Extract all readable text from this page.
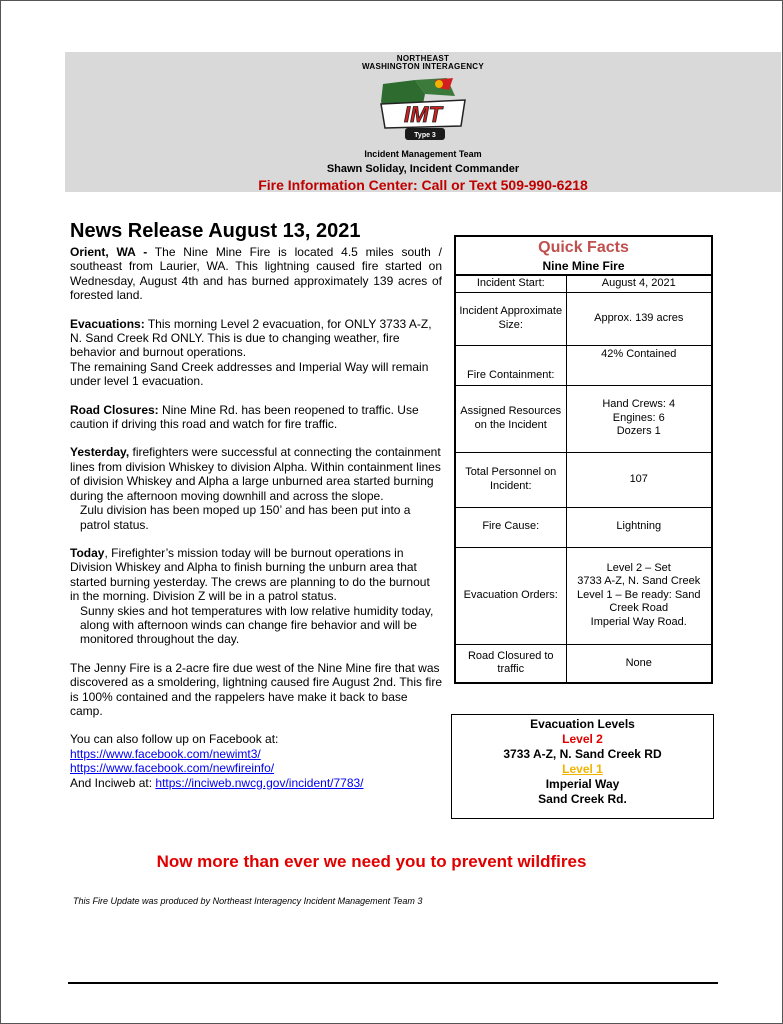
NORTHEAST
WASHINGTON INTERAGENCY
IMT
Type 3
Incident Management Team
Shawn Soliday, Incident Commander
Fire Information Center: Call or Text 509-990-6218
News Release August 13, 2021

Orient, WA - The Nine Mine Fire is located 4.5 miles south / southeast from Laurier, WA. This lightning caused fire started on Wednesday, August 4th and has burned approximately 139 acres of forested land.

Evacuations: This morning Level 2 evacuation, for ONLY 3733 A-Z, N. Sand Creek Rd ONLY. This is due to changing weather, fire behavior and burnout operations.

The remaining Sand Creek addresses and Imperial Way will remain under level 1 evacuation.

Road Closures: Nine Mine Rd. has been reopened to traffic. Use caution if driving this road and watch for fire traffic.

Yesterday, firefighters were successful at connecting the containment lines from division Whiskey to division Alpha. Within containment lines of division Whiskey and Alpha a large unburned area started burning during the afternoon moving downhill and across the slope.

Zulu division has been moped up 150’ and has been put into a patrol status.

Today, Firefighter’s mission today will be burnout operations in Division Whiskey and Alpha to finish burning the unburn area that started burning yesterday. The crews are planning to do the burnout in the morning. Division Z will be in a patrol status.

Sunny skies and hot temperatures with low relative humidity today, along with afternoon winds can change fire behavior and will be monitored throughout the day.

The Jenny Fire is a 2-acre fire due west of the Nine Mine fire that was discovered as a smoldering, lightning caused fire August 2nd. This fire is 100% contained and the rappelers have make it back to base camp.

You can also follow up on Facebook at:

https://www.facebook.com/newimt3/

https://www.facebook.com/newfireinfo/

And Inciweb at: https://inciweb.nwcg.gov/incident/7783/

Quick Facts
Nine Mine Fire
Incident Start:	August 4, 2021
Incident Approximate Size:	Approx. 139 acres
Fire Containment:	42% Contained
Assigned Resources on the Incident	Hand Crews: 4
Engines: 6
Dozers 1
Total Personnel on Incident:	107
Fire Cause:	Lightning
Evacuation Orders:	Level 2 – Set
3733 A-Z, N. Sand Creek
Level 1 – Be ready: Sand Creek Road
Imperial Way Road.
Road Closured to traffic	None
Evacuation Levels
Level 2
3733 A-Z, N. Sand Creek RD
Level 1
Imperial Way
Sand Creek Rd.
Now more than ever we need you to prevent wildfires
This Fire Update was produced by Northeast Interagency Incident Management Team 3
